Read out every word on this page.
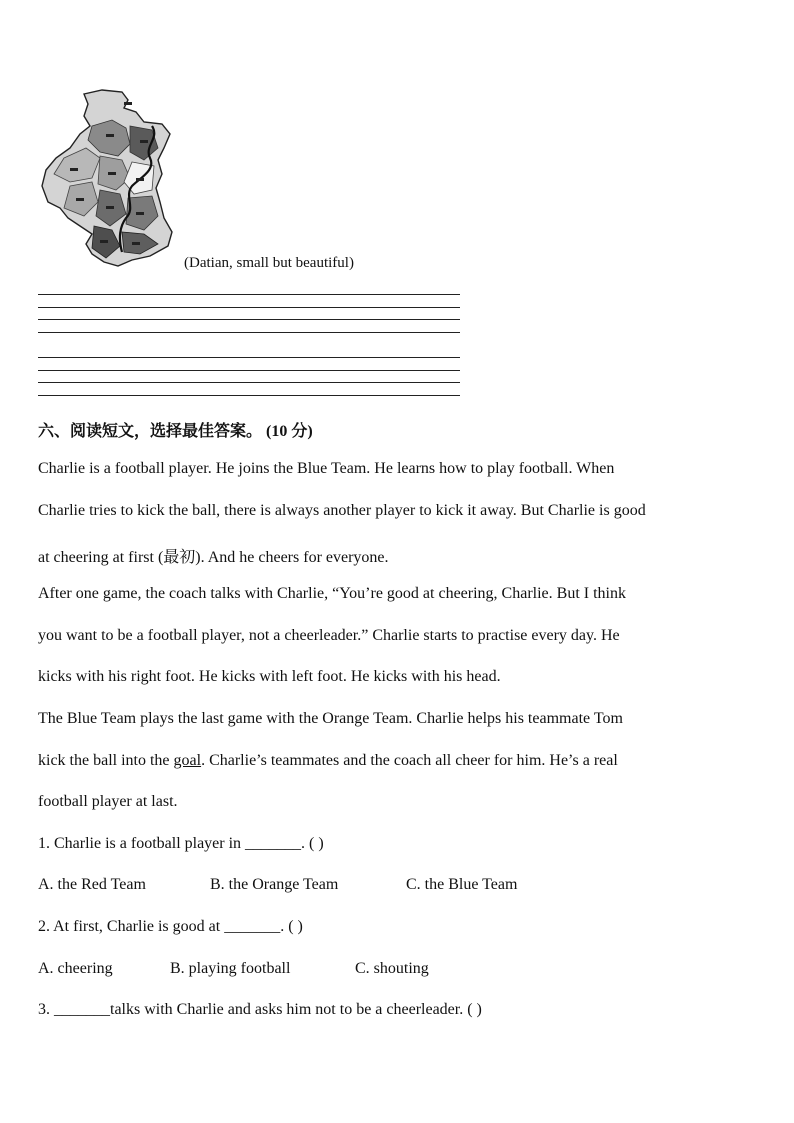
(Datian, small but beautiful)
六、阅读短文，选择最佳答案。 (10 分)
Charlie is a football player. He joins the Blue Team. He learns how to play football. When
Charlie tries to kick the ball, there is always another player to kick it away. But Charlie is good
at cheering at first (最初). And he cheers for everyone.
After one game, the coach talks with Charlie, “You’re good at cheering, Charlie. But I think
you want to be a football player, not a cheerleader.” Charlie starts to practise every day. He
kicks with his right foot. He kicks with left foot. He kicks with his head.
The Blue Team plays the last game with the Orange Team. Charlie helps his teammate Tom
kick the ball into the goal. Charlie’s teammates and the coach all cheer for him. He’s a real
football player at last.
1. Charlie is a football player in _______. ( )
A. the Red Team	B. the Orange Team	C. the Blue Team
2. At first, Charlie is good at _______. ( )
A. cheering	B. playing football	C. shouting
3. _______talks with Charlie and asks him not to be a cheerleader. ( )
